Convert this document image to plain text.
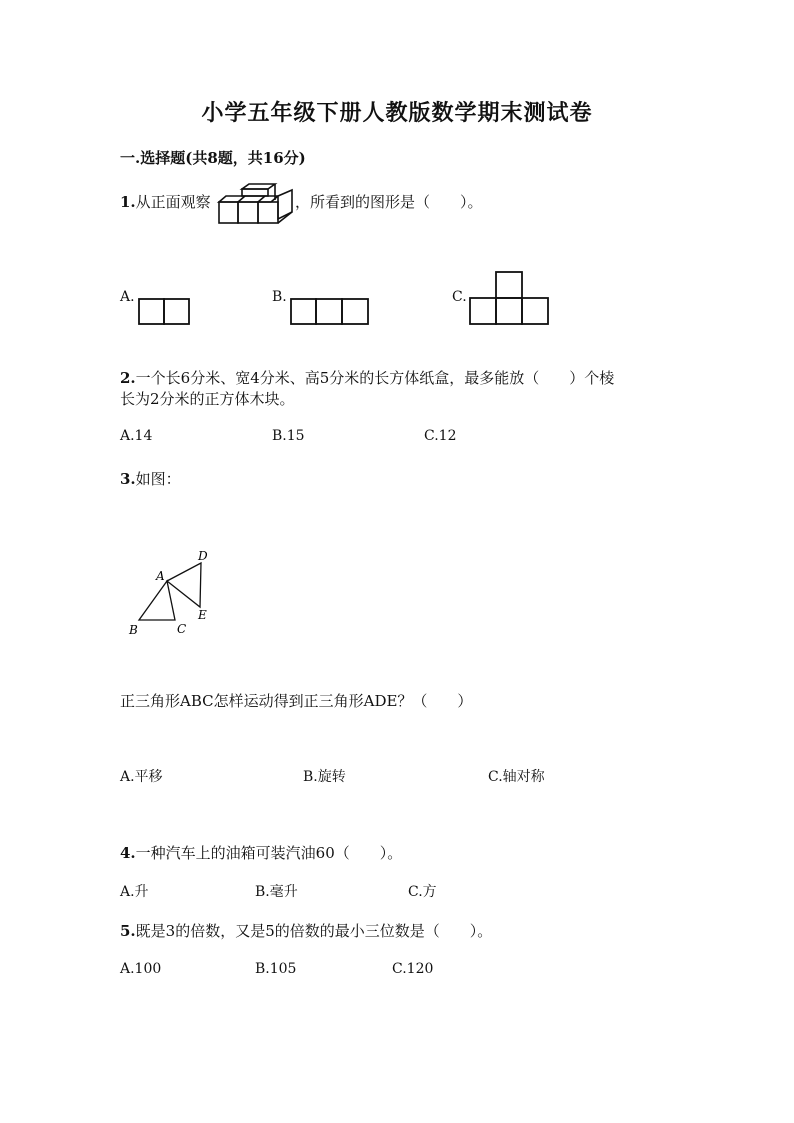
小学五年级下册人教版数学期末测试卷
一.选择题(共8题，共16分)
1.从正面观察	，所看到的图形是（　　）。
A.	B.	C.
2.一个长6分米、宽4分米、高5分米的长方体纸盒，最多能放（　　）个棱
长为2分米的正方体木块。
A.14	B.15	C.12
3.如图：
A
B	C
D
E
正三角形ABC怎样运动得到正三角形ADE？（　　）
A.平移	B.旋转	C.轴对称
4.一种汽车上的油箱可装汽油60（　　）。
A.升	B.毫升	C.方
5.既是3的倍数，又是5的倍数的最小三位数是（　　）。
A.100	B.105	C.120
